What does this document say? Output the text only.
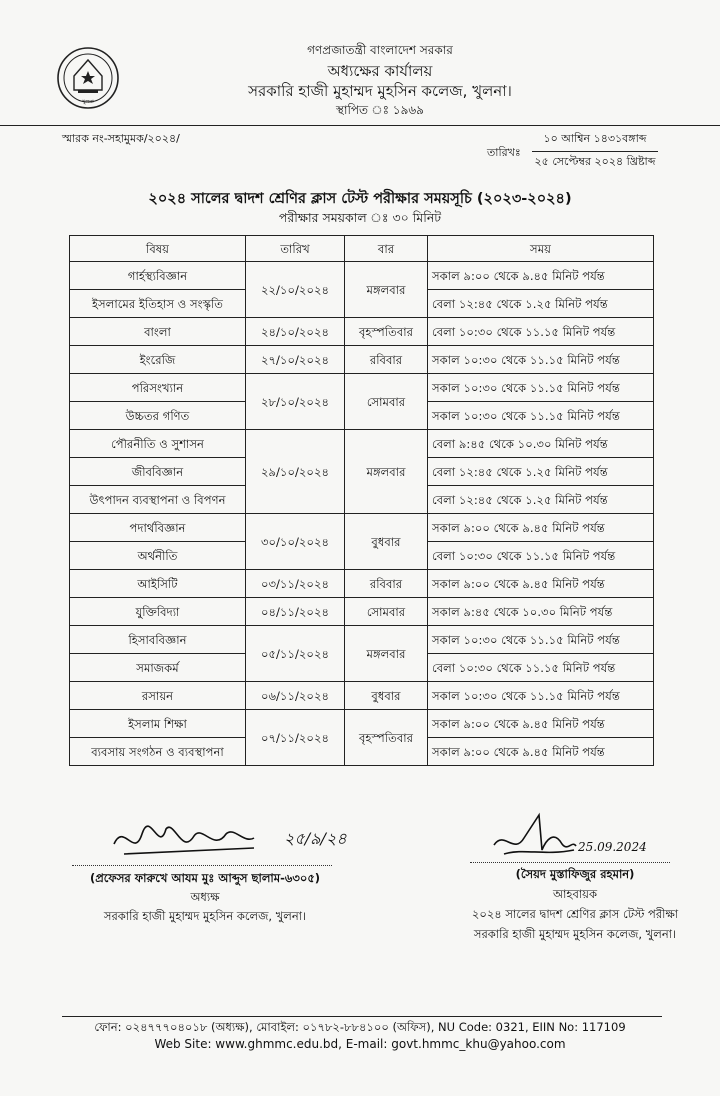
খুলনা
গণপ্রজাতন্ত্রী বাংলাদেশ সরকার
অধ্যক্ষের কার্যালয়
সরকারি হাজী মুহাম্মদ মুহসিন কলেজ, খুলনা।
স্থাপিত ঃ ১৯৬৯
স্মারক নং-সহামুমক/২০২৪/
তারিখঃ
১০ আশ্বিন ১৪৩১বঙ্গাব্দ
২৫ সেপ্টেম্বর ২০২৪ খ্রিষ্টাব্দ
২০২৪ সালের দ্বাদশ শ্রেণির ক্লাস টেস্ট পরীক্ষার সময়সূচি (২০২৩-২০২৪)
পরীক্ষার সময়কাল ঃ ৩০ মিনিট
বিষয়	তারিখ	বার	সময়
গার্হস্থ্যবিজ্ঞান	২২/১০/২০২৪	মঙ্গলবার	সকাল ৯:০০ থেকে ৯.৪৫ মিনিট পর্যন্ত
ইসলামের ইতিহাস ও সংস্কৃতি			বেলা ১২:৪৫ থেকে ১.২৫ মিনিট পর্যন্ত
বাংলা	২৪/১০/২০২৪	বৃহস্পতিবার	বেলা ১০:৩০ থেকে ১১.১৫ মিনিট পর্যন্ত
ইংরেজি	২৭/১০/২০২৪	রবিবার	সকাল ১০:৩০ থেকে ১১.১৫ মিনিট পর্যন্ত
পরিসংখ্যান	২৮/১০/২০২৪	সোমবার	সকাল ১০:৩০ থেকে ১১.১৫ মিনিট পর্যন্ত
উচ্চতর গণিত			সকাল ১০:৩০ থেকে ১১.১৫ মিনিট পর্যন্ত
পৌরনীতি ও সুশাসন	২৯/১০/২০২৪	মঙ্গলবার	বেলা ৯:৪৫ থেকে ১০.৩০ মিনিট পর্যন্ত
জীববিজ্ঞান			বেলা ১২:৪৫ থেকে ১.২৫ মিনিট পর্যন্ত
উৎপাদন ব্যবস্থাপনা ও বিপণন			বেলা ১২:৪৫ থেকে ১.২৫ মিনিট পর্যন্ত
পদার্থবিজ্ঞান	৩০/১০/২০২৪	বুধবার	সকাল ৯:০০ থেকে ৯.৪৫ মিনিট পর্যন্ত
অর্থনীতি			বেলা ১০:৩০ থেকে ১১.১৫ মিনিট পর্যন্ত
আইসিটি	০৩/১১/২০২৪	রবিবার	সকাল ৯:০০ থেকে ৯.৪৫ মিনিট পর্যন্ত
যুক্তিবিদ্যা	০৪/১১/২০২৪	সোমবার	সকাল ৯:৪৫ থেকে ১০.৩০ মিনিট পর্যন্ত
হিসাববিজ্ঞান	০৫/১১/২০২৪	মঙ্গলবার	সকাল ১০:৩০ থেকে ১১.১৫ মিনিট পর্যন্ত
সমাজকর্ম			বেলা ১০:৩০ থেকে ১১.১৫ মিনিট পর্যন্ত
রসায়ন	০৬/১১/২০২৪	বুধবার	সকাল ১০:৩০ থেকে ১১.১৫ মিনিট পর্যন্ত
ইসলাম শিক্ষা	০৭/১১/২০২৪	বৃহস্পতিবার	সকাল ৯:০০ থেকে ৯.৪৫ মিনিট পর্যন্ত
ব্যবসায় সংগঠন ও ব্যবস্থাপনা			সকাল ৯:০০ থেকে ৯.৪৫ মিনিট পর্যন্ত
২৫/৯/২৪	25.09.2024
(প্রফেসর ফারুখে আযম মুঃ আব্দুস ছালাম-৬৩০৫)
অধ্যক্ষ
সরকারি হাজী মুহাম্মদ মুহসিন কলেজ, খুলনা।
(সৈয়দ মুস্তাফিজুর রহমান)
আহবায়ক
২০২৪ সালের দ্বাদশ শ্রেণির ক্লাস টেস্ট পরীক্ষা
সরকারি হাজী মুহাম্মদ মুহসিন কলেজ, খুলনা।
ফোন: ০২৪৭৭৭০৪০১৮ (অধ্যক্ষ), মোবাইল: ০১৭৮২-৮৮৪১০০ (অফিস), NU Code: 0321, EIIN No: 117109
Web Site: www.ghmmc.edu.bd, E-mail: govt.hmmc_khu@yahoo.com
